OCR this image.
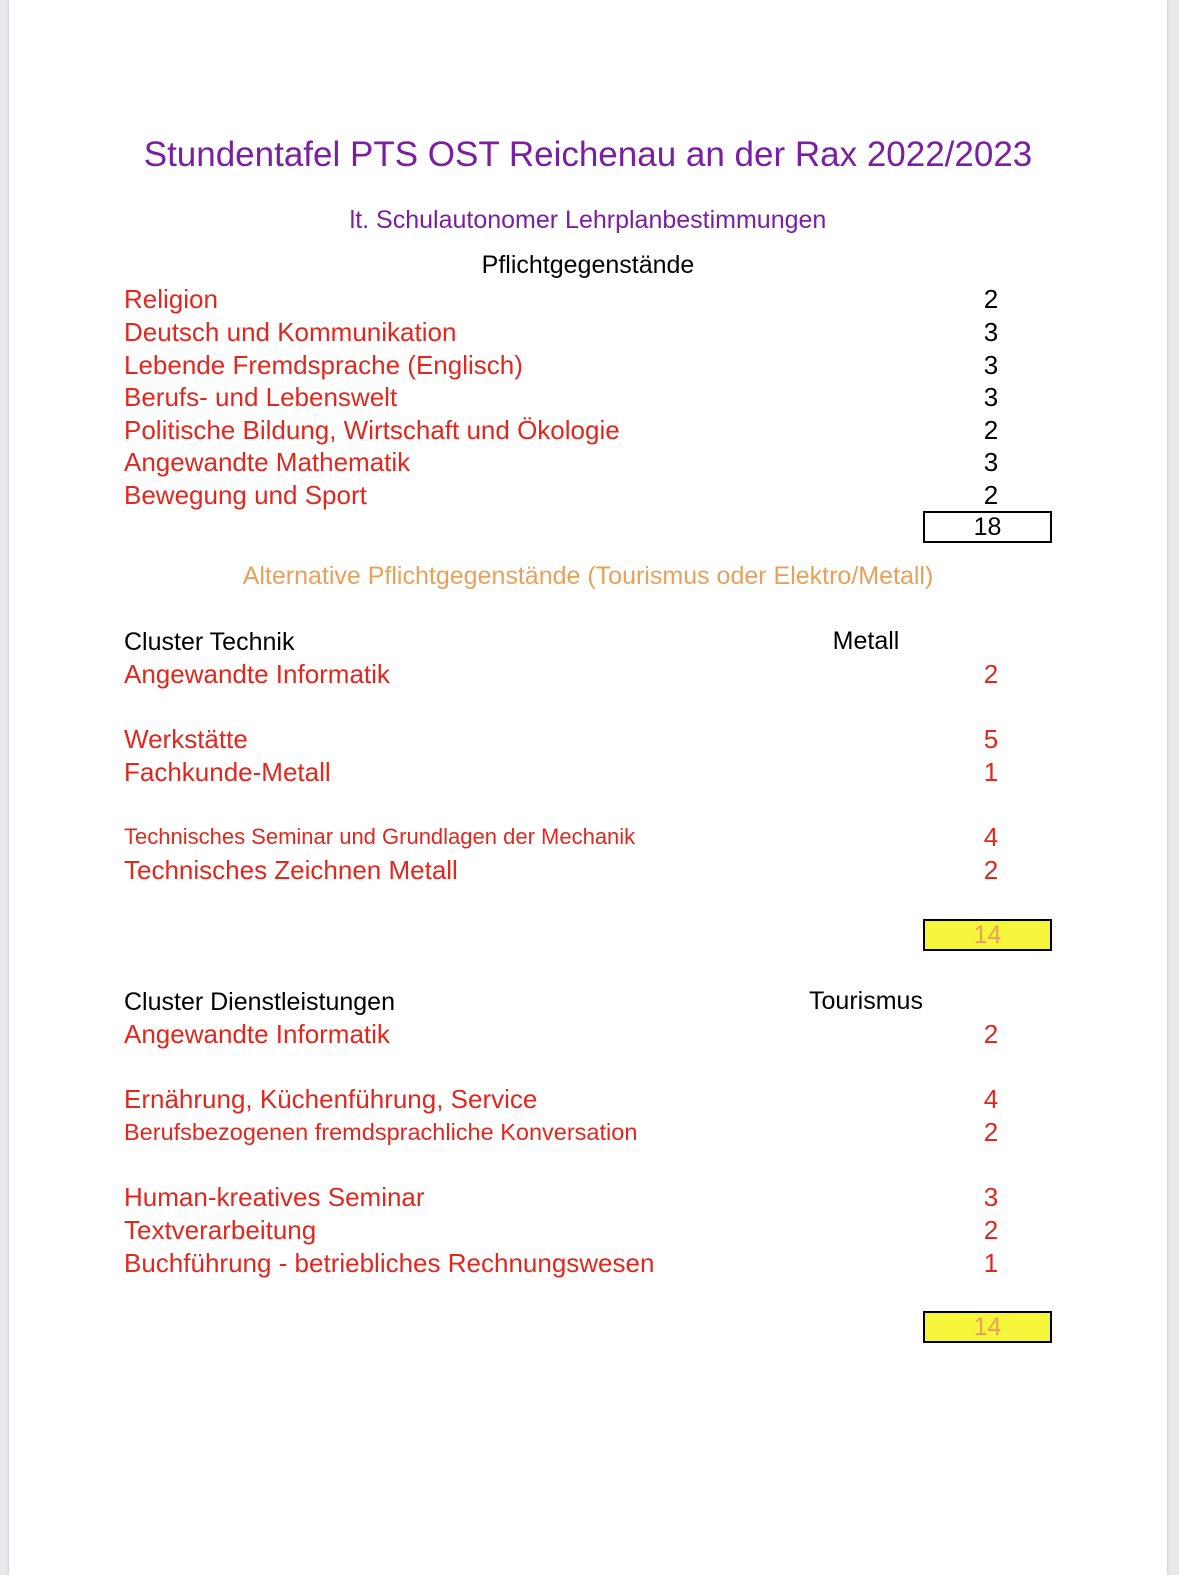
Stundentafel PTS OST Reichenau an der Rax 2022/2023
lt. Schulautonomer Lehrplanbestimmungen
Pflichtgegenstände
Religion	2
Deutsch und Kommunikation	3
Lebende Fremdsprache (Englisch)	3
Berufs- und Lebenswelt	3
Politische Bildung, Wirtschaft und Ökologie	2
Angewandte Mathematik	3
Bewegung und Sport	2
18
Alternative Pflichtgegenstände (Tourismus oder Elektro/Metall)
Cluster Technik	Metall
Angewandte Informatik	2
Werkstätte	5
Fachkunde-Metall	1
Technisches Seminar und Grundlagen der Mechanik	4
Technisches Zeichnen Metall	2
14
Cluster Dienstleistungen	Tourismus
Angewandte Informatik	2
Ernährung, Küchenführung, Service	4
Berufsbezogenen fremdsprachliche Konversation	2
Human-kreatives Seminar	3
Textverarbeitung	2
Buchführung - betriebliches Rechnungswesen	1
14
